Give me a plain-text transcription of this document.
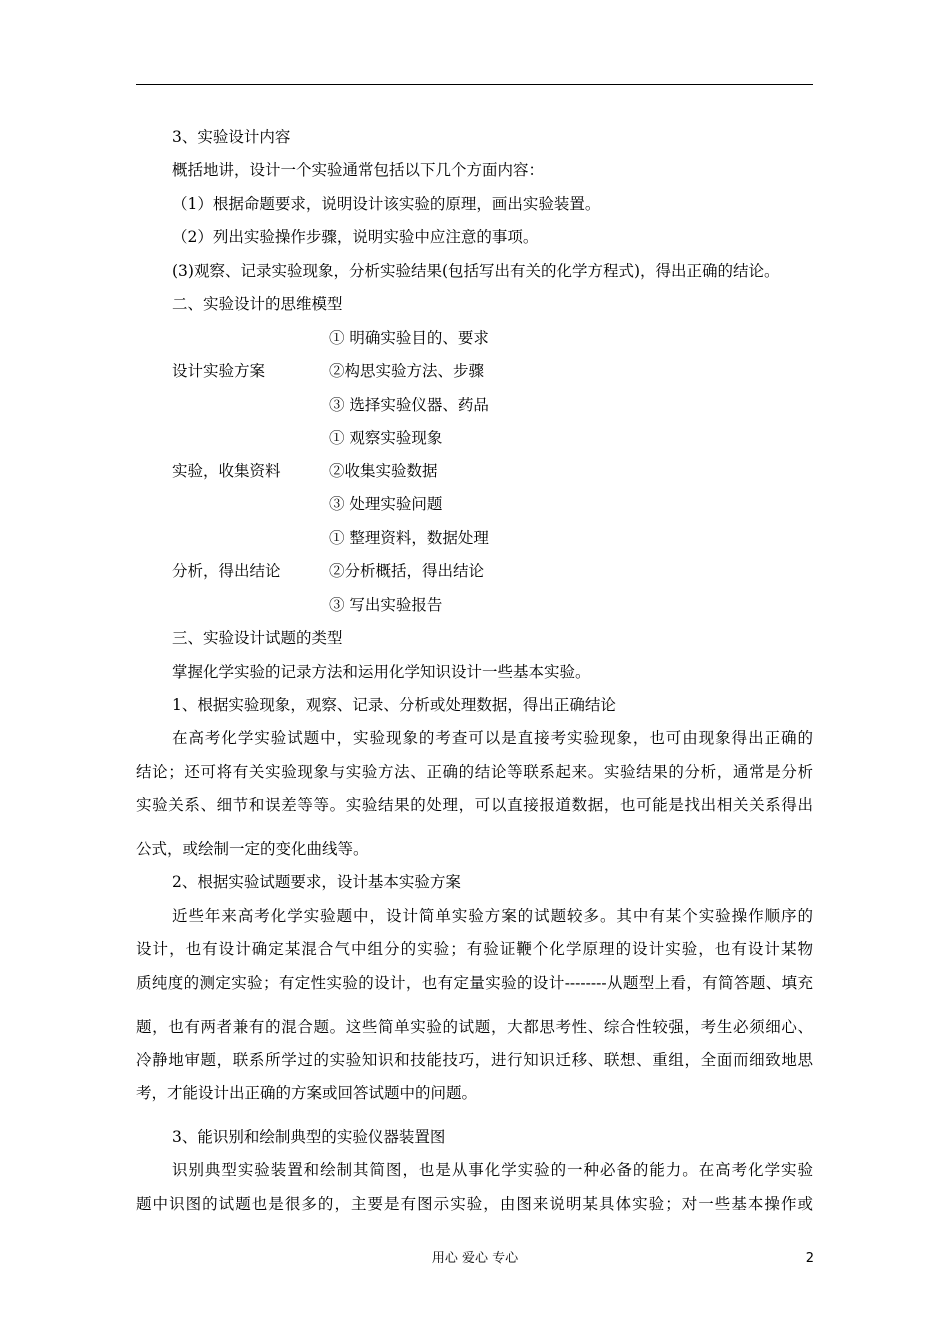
3、实验设计内容
概括地讲，设计一个实验通常包括以下几个方面内容：
（1）根据命题要求，说明设计该实验的原理，画出实验装置。
（2）列出实验操作步骤，说明实验中应注意的事项。
(3)观察、记录实验现象，分析实验结果(包括写出有关的化学方程式)，得出正确的结论。
二、实验设计的思维模型
① 明确实验目的、要求
设计实验方案	②构思实验方法、步骤
③ 选择实验仪器、药品
① 观察实验现象
实验，收集资料	②收集实验数据
③ 处理实验问题
① 整理资料，数据处理
分析，得出结论	②分析概括，得出结论
③ 写出实验报告
三、实验设计试题的类型
掌握化学实验的记录方法和运用化学知识设计一些基本实验。
1、根据实验现象，观察、记录、分析或处理数据，得出正确结论
在高考化学实验试题中，实验现象的考查可以是直接考实验现象，也可由现象得出正确的
结论；还可将有关实验现象与实验方法、正确的结论等联系起来。实验结果的分析，通常是分析
实验关系、细节和误差等等。实验结果的处理，可以直接报道数据，也可能是找出相关关系得出
公式，或绘制一定的变化曲线等。
2、根据实验试题要求，设计基本实验方案
近些年来高考化学实验题中，设计简单实验方案的试题较多。其中有某个实验操作顺序的
设计，也有设计确定某混合气中组分的实验；有验证鞭个化学原理的设计实验，也有设计某物
质纯度的测定实验；有定性实验的设计，也有定量实验的设计--------从题型上看，有简答题、填充
题，也有两者兼有的混合题。这些简单实验的试题，大都思考性、综合性较强，考生必须细心、
冷静地审题，联系所学过的实验知识和技能技巧，进行知识迁移、联想、重组，全面而细致地思
考，才能设计出正确的方案或回答试题中的问题。
3、能识别和绘制典型的实验仪器装置图
识别典型实验装置和绘制其简图，也是从事化学实验的一种必备的能力。在高考化学实验
题中识图的试题也是很多的，主要是有图示实验，由图来说明某具体实验；对一些基本操作或
用心 爱心 专心	2
